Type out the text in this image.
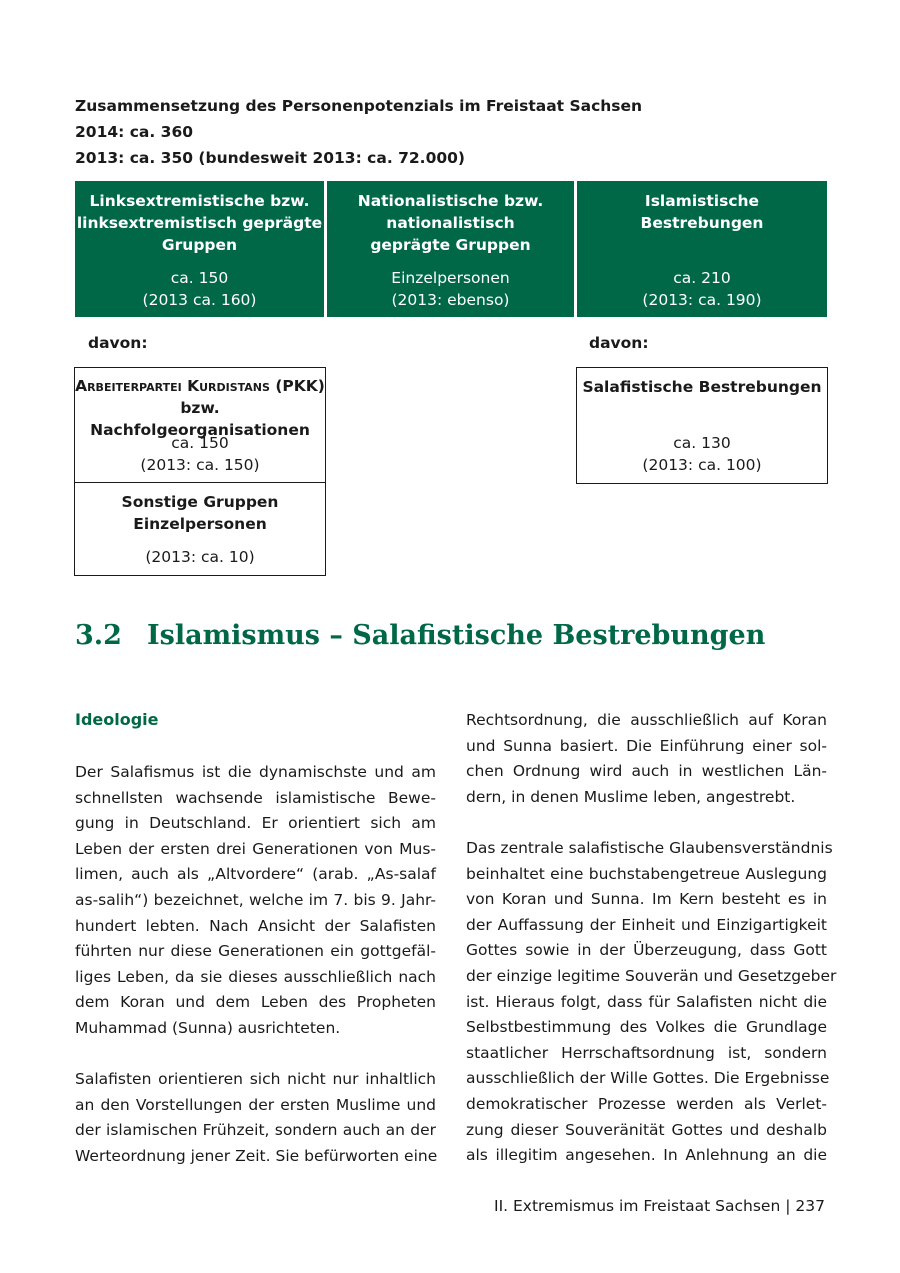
Zusammensetzung des Personenpotenzials im Freistaat Sachsen
2014: ca. 360
2013: ca. 350 (bundesweit 2013: ca. 72.000)
Linksextremistische bzw.
linksextremistisch geprägte
Gruppen
ca. 150
(2013 ca. 160)
Nationalistische bzw.
nationalistisch
geprägte Gruppen
Einzelpersonen
(2013: ebenso)
Islamistische
Bestrebungen
ca. 210
(2013: ca. 190)
davon:	davon:
Arbeiterpartei Kurdistans (PKK)
bzw. Nachfolgeorganisationen
ca. 150
(2013: ca. 150)
Sonstige Gruppen
Einzelpersonen
(2013: ca. 10)
Salafistische Bestrebungen
ca. 130
(2013: ca. 100)
3.2 Islamismus – Salafistische Bestrebungen
Ideologie

Der Salafismus ist die dynamischste und am
schnellsten wachsende islamistische Bewe-
gung in Deutschland. Er orientiert sich am
Leben der ersten drei Generationen von Mus-
limen, auch als „Altvordere“ (arab. „As-salaf
as-salih“) bezeichnet, welche im 7. bis 9. Jahr-
hundert lebten. Nach Ansicht der Salafisten
führten nur diese Generationen ein gottgefäl-
liges Leben, da sie dieses ausschließlich nach
dem Koran und dem Leben des Propheten
Muhammad (Sunna) ausrichteten.

Salafisten orientieren sich nicht nur inhaltlich
an den Vorstellungen der ersten Muslime und
der islamischen Frühzeit, sondern auch an der
Werteordnung jener Zeit. Sie befürworten eine

Rechtsordnung, die ausschließlich auf Koran
und Sunna basiert. Die Einführung einer sol-
chen Ordnung wird auch in westlichen Län-
dern, in denen Muslime leben, angestrebt.

Das zentrale salafistische Glaubensverständnis
beinhaltet eine buchstabengetreue Auslegung
von Koran und Sunna. Im Kern besteht es in
der Auffassung der Einheit und Einzigartigkeit
Gottes sowie in der Überzeugung, dass Gott
der einzige legitime Souverän und Gesetzgeber
ist. Hieraus folgt, dass für Salafisten nicht die
Selbstbestimmung des Volkes die Grundlage
staatlicher Herrschaftsordnung ist, sondern
ausschließlich der Wille Gottes. Die Ergebnisse
demokratischer Prozesse werden als Verlet-
zung dieser Souveränität Gottes und deshalb
als illegitim angesehen. In Anlehnung an die

II. Extremismus im Freistaat Sachsen | 237
